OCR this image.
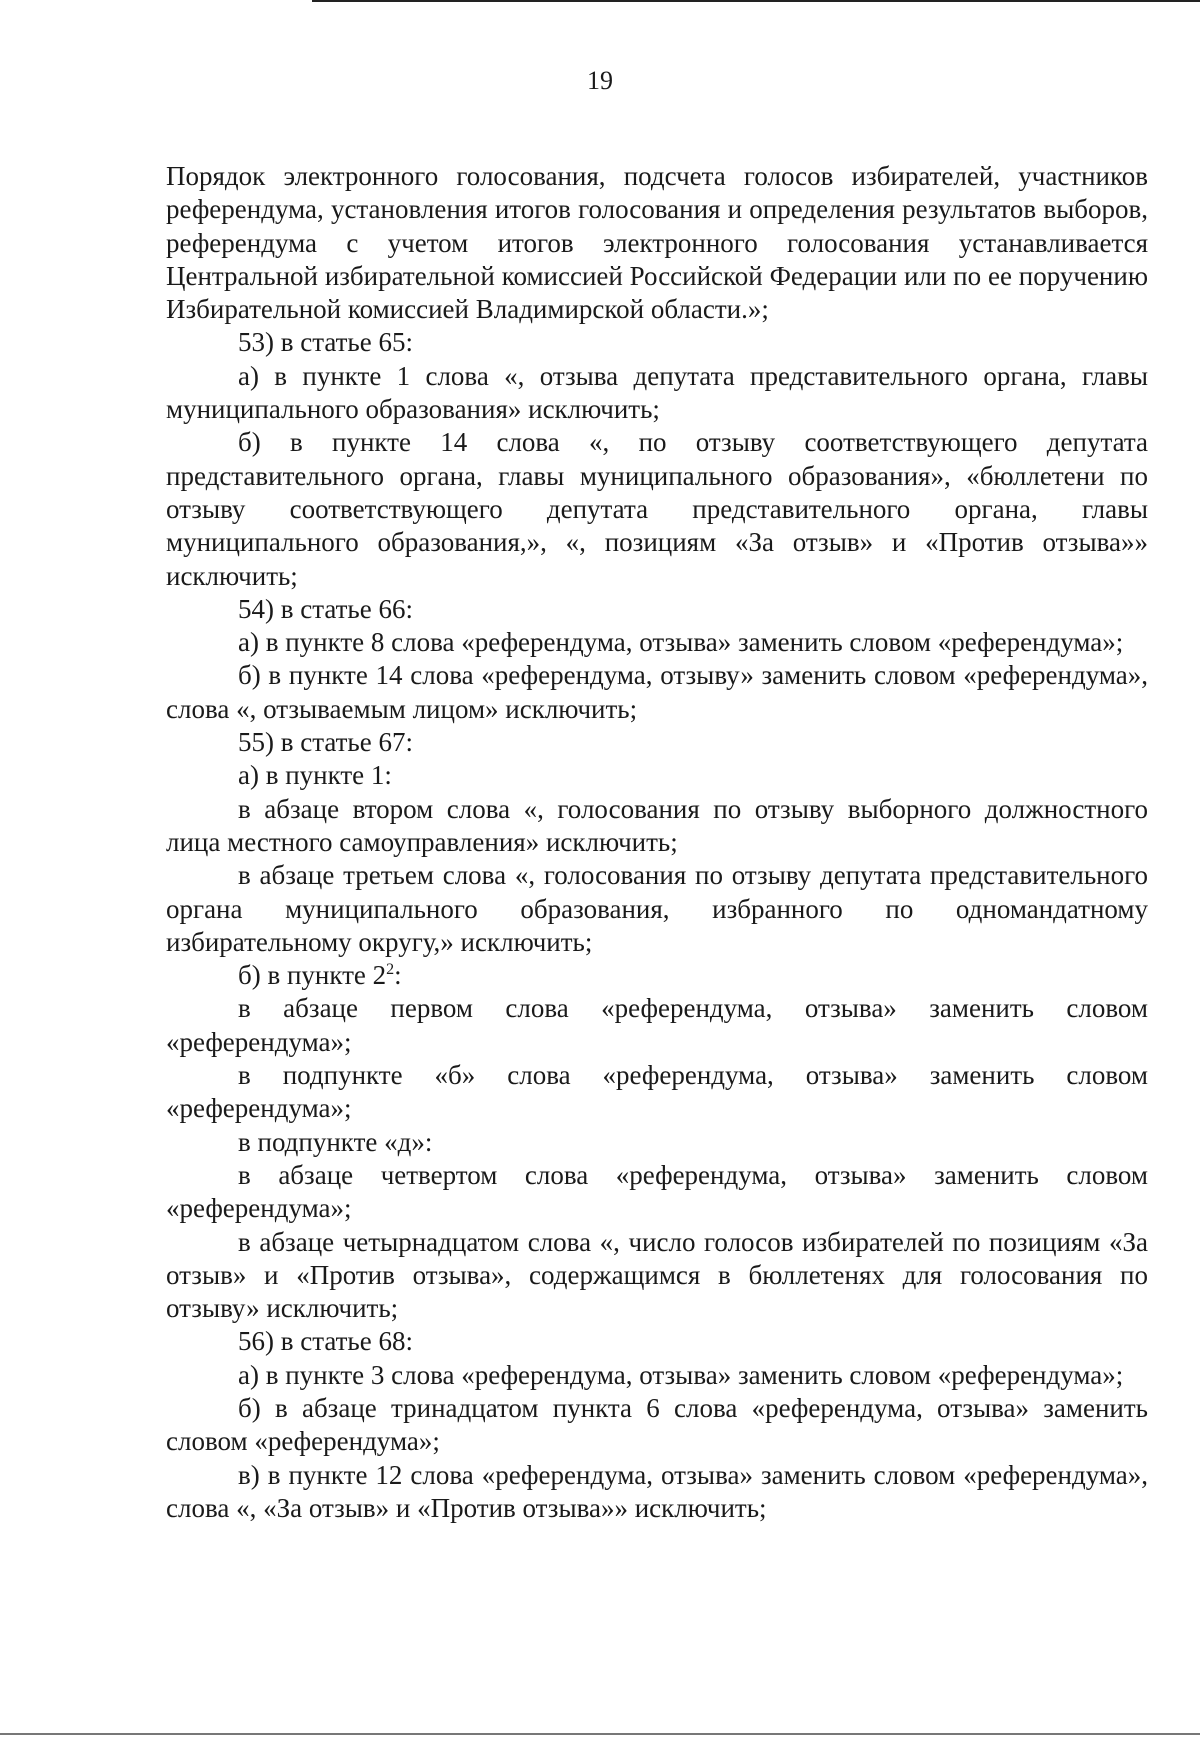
19

Порядок электронного голосования, подсчета голосов избирателей, участников референдума, установления итогов голосования и определения результатов выборов, референдума с учетом итогов электронного голосования устанавливается Центральной избирательной комиссией Российской Федерации или по ее поручению Избирательной комиссией Владимирской области.»;

53) в статье 65:

а) в пункте 1 слова «, отзыва депутата представительного органа, главы муниципального образования» исключить;

б) в пункте 14 слова «, по отзыву соответствующего депутата представительного органа, главы муниципального образования», «бюллетени по отзыву соответствующего депутата представительного органа, главы муниципального образования,», «, позициям «За отзыв» и «Против отзыва»» исключить;

54) в статье 66:

а) в пункте 8 слова «референдума, отзыва» заменить словом «референдума»;

б) в пункте 14 слова «референдума, отзыву» заменить словом «референдума», слова «, отзываемым лицом» исключить;

55) в статье 67:

а) в пункте 1:

в абзаце втором слова «, голосования по отзыву выборного должностного лица местного самоуправления» исключить;

в абзаце третьем слова «, голосования по отзыву депутата представительного органа муниципального образования, избранного по одномандатному избирательному округу,» исключить;

б) в пункте $2^2$:

в абзаце первом слова «референдума, отзыва» заменить словом «референдума»;

в подпункте «б» слова «референдума, отзыва» заменить словом «референдума»;

в подпункте «д»:

в абзаце четвертом слова «референдума, отзыва» заменить словом «референдума»;

в абзаце четырнадцатом слова «, число голосов избирателей по позициям «За отзыв» и «Против отзыва», содержащимся в бюллетенях для голосования по отзыву» исключить;

56) в статье 68:

а) в пункте 3 слова «референдума, отзыва» заменить словом «референдума»;

б) в абзаце тринадцатом пункта 6 слова «референдума, отзыва» заменить словом «референдума»;

в) в пункте 12 слова «референдума, отзыва» заменить словом «референдума», слова «, «За отзыв» и «Против отзыва»» исключить;
